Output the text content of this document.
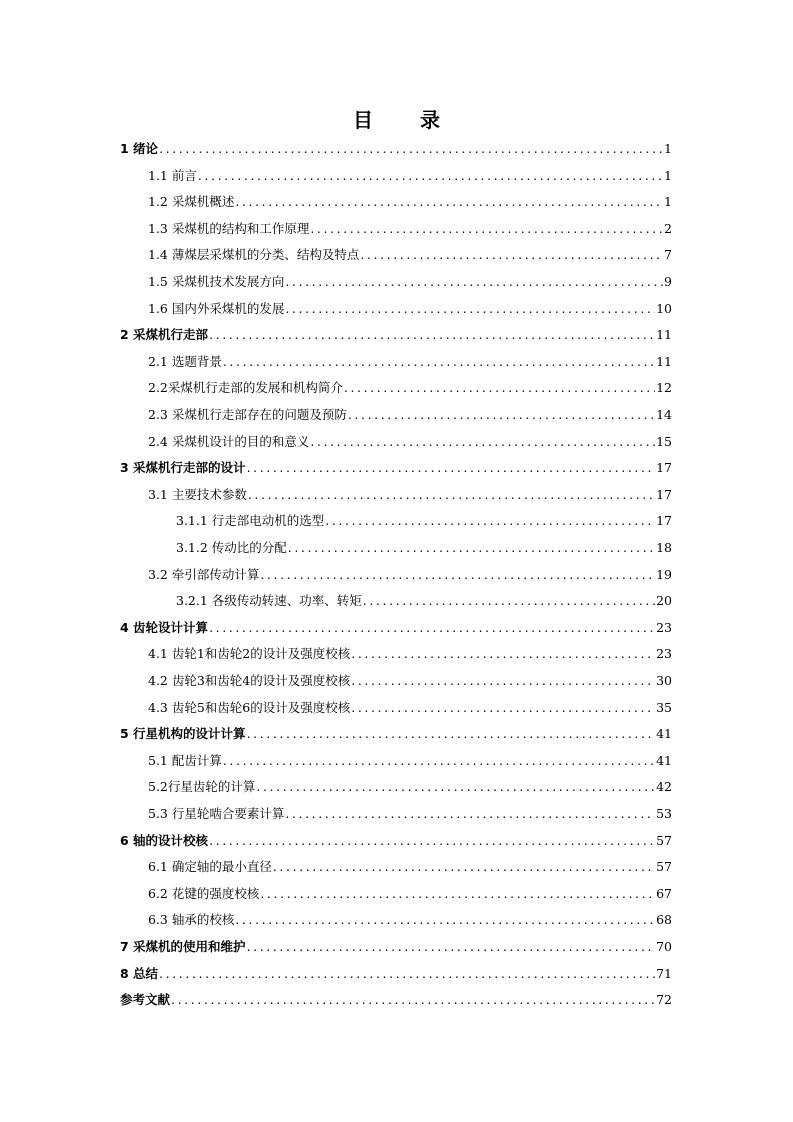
目 录
1 绪论 .....	1
1.1 前言 .....	1
1.2 采煤机概述 .....	1
1.3 采煤机的结构和工作原理 .....	2
1.4 薄煤层采煤机的分类、结构及特点 .....	7
1.5 采煤机技术发展方向 .....	9
1.6 国内外采煤机的发展 .....	10
2 采煤机行走部 .....	11
2.1 选题背景 .....	11
2.2采煤机行走部的发展和机构简介 .....	12
2.3 采煤机行走部存在的问题及预防 .....	14
2.4 采煤机设计的目的和意义 .....	15
3 采煤机行走部的设计 .....	17
3.1 主要技术参数 .....	17
3.1.1 行走部电动机的选型 .....	17
3.1.2 传动比的分配 .....	18
3.2 牵引部传动计算 .....	19
3.2.1 各级传动转速、功率、转矩 .....	20
4 齿轮设计计算 .....	23
4.1 齿轮1和齿轮2的设计及强度校核 .....	23
4.2 齿轮3和齿轮4的设计及强度校核 .....	30
4.3 齿轮5和齿轮6的设计及强度校核 .....	35
5 行星机构的设计计算 .....	41
5.1 配齿计算 .....	41
5.2行星齿轮的计算 .....	42
5.3 行星轮啮合要素计算 .....	53
6 轴的设计校核 .....	57
6.1 确定轴的最小直径 .....	57
6.2 花键的强度校核 .....	67
6.3 轴承的校核 .....	68
7 采煤机的使用和维护 .....	70
8 总结 .....	71
参考文献 .....	72
